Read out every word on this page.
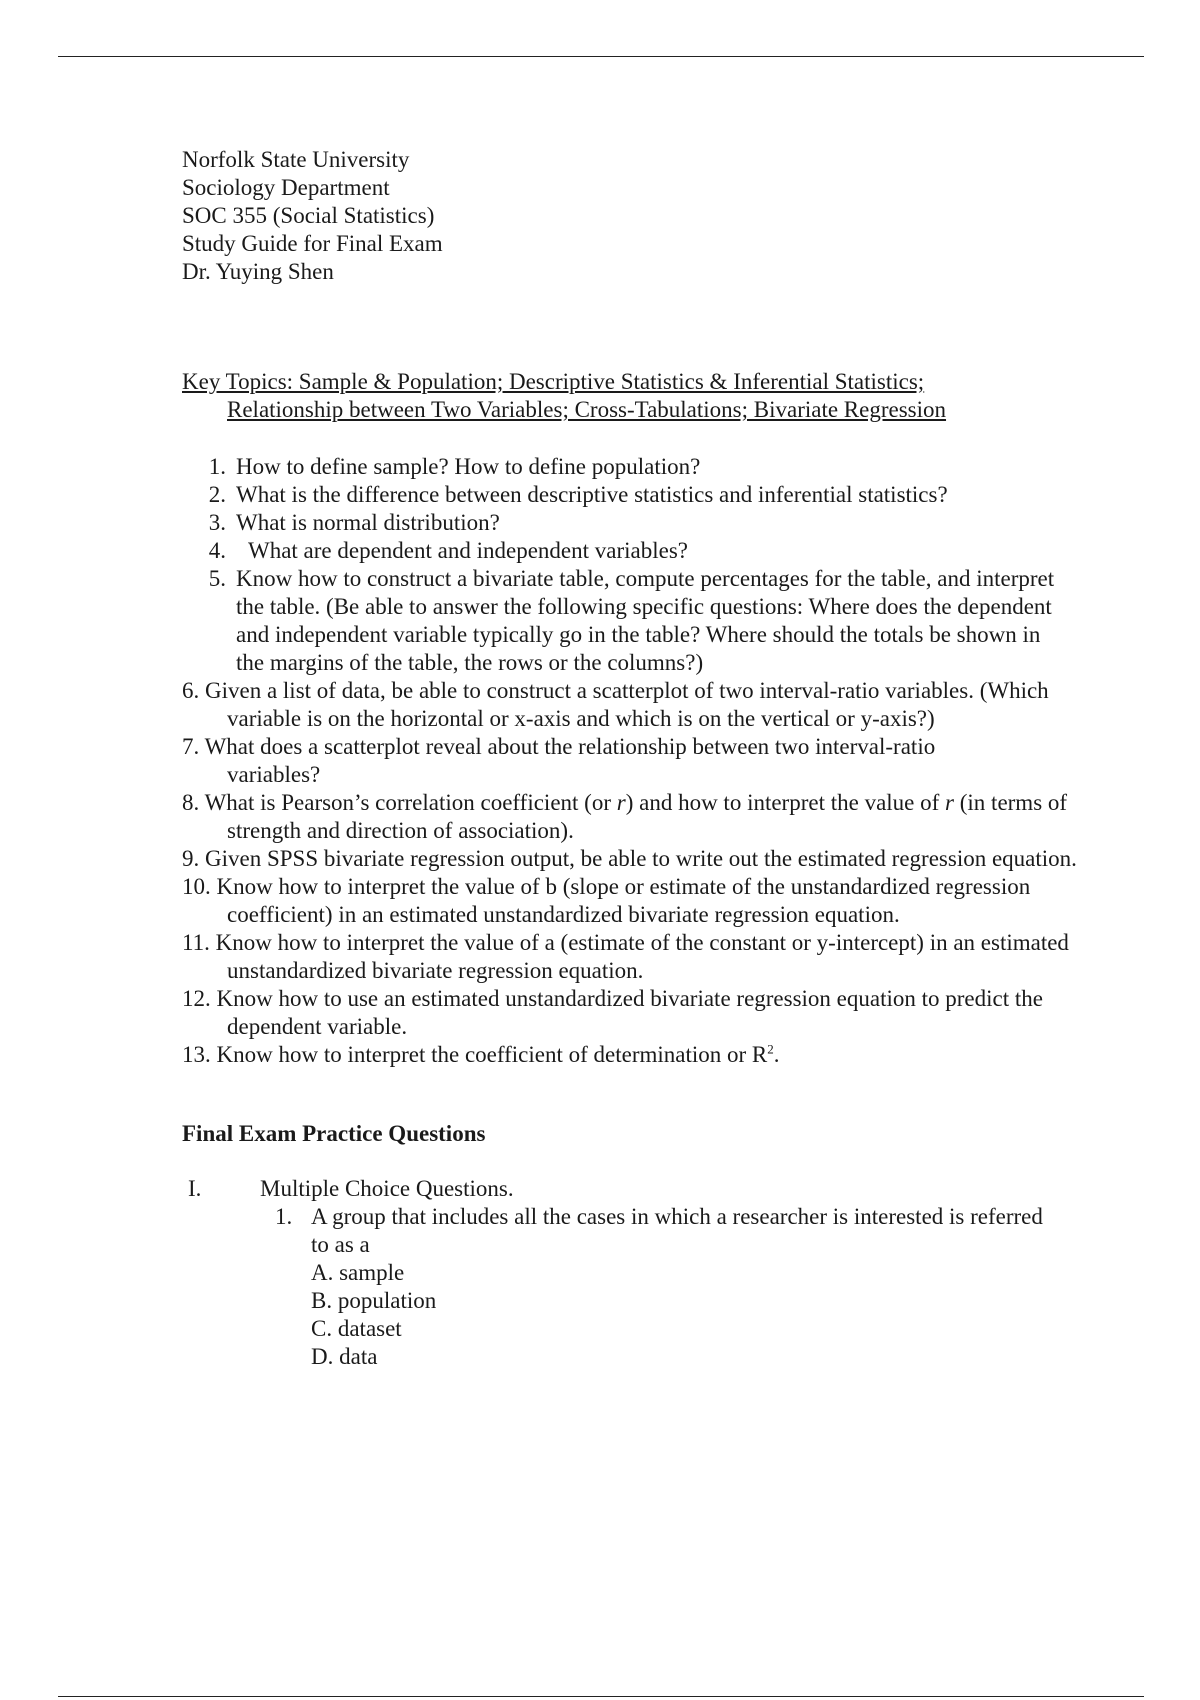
Norfolk State University
Sociology Department
SOC 355 (Social Statistics)
Study Guide for Final Exam
Dr. Yuying Shen
Key Topics: Sample & Population; Descriptive Statistics & Inferential Statistics;
Relationship between Two Variables; Cross-Tabulations; Bivariate Regression
1. How to define sample? How to define population?
2. What is the difference between descriptive statistics and inferential statistics?
3. What is normal distribution?
4. What are dependent and independent variables?
5. Know how to construct a bivariate table, compute percentages for the table, and interpret the table. (Be able to answer the following specific questions: Where does the dependent and independent variable typically go in the table? Where should the totals be shown in the margins of the table, the rows or the columns?)
6. Given a list of data, be able to construct a scatterplot of two interval-ratio variables. (Which variable is on the horizontal or x-axis and which is on the vertical or y-axis?)
7. What does a scatterplot reveal about the relationship between two interval-ratio variables?
8. What is Pearson’s correlation coefficient (or r) and how to interpret the value of r (in terms of strength and direction of association).
9. Given SPSS bivariate regression output, be able to write out the estimated regression equation.
10. Know how to interpret the value of b (slope or estimate of the unstandardized regression coefficient) in an estimated unstandardized bivariate regression equation.
11. Know how to interpret the value of a (estimate of the constant or y-intercept) in an estimated unstandardized bivariate regression equation.
12. Know how to use an estimated unstandardized bivariate regression equation to predict the dependent variable.
13. Know how to interpret the coefficient of determination or $R^2$.
Final Exam Practice Questions
I.	Multiple Choice Questions.
1. A group that includes all the cases in which a researcher is interested is referred to as a
A. sample
B. population
C. dataset
D. data
